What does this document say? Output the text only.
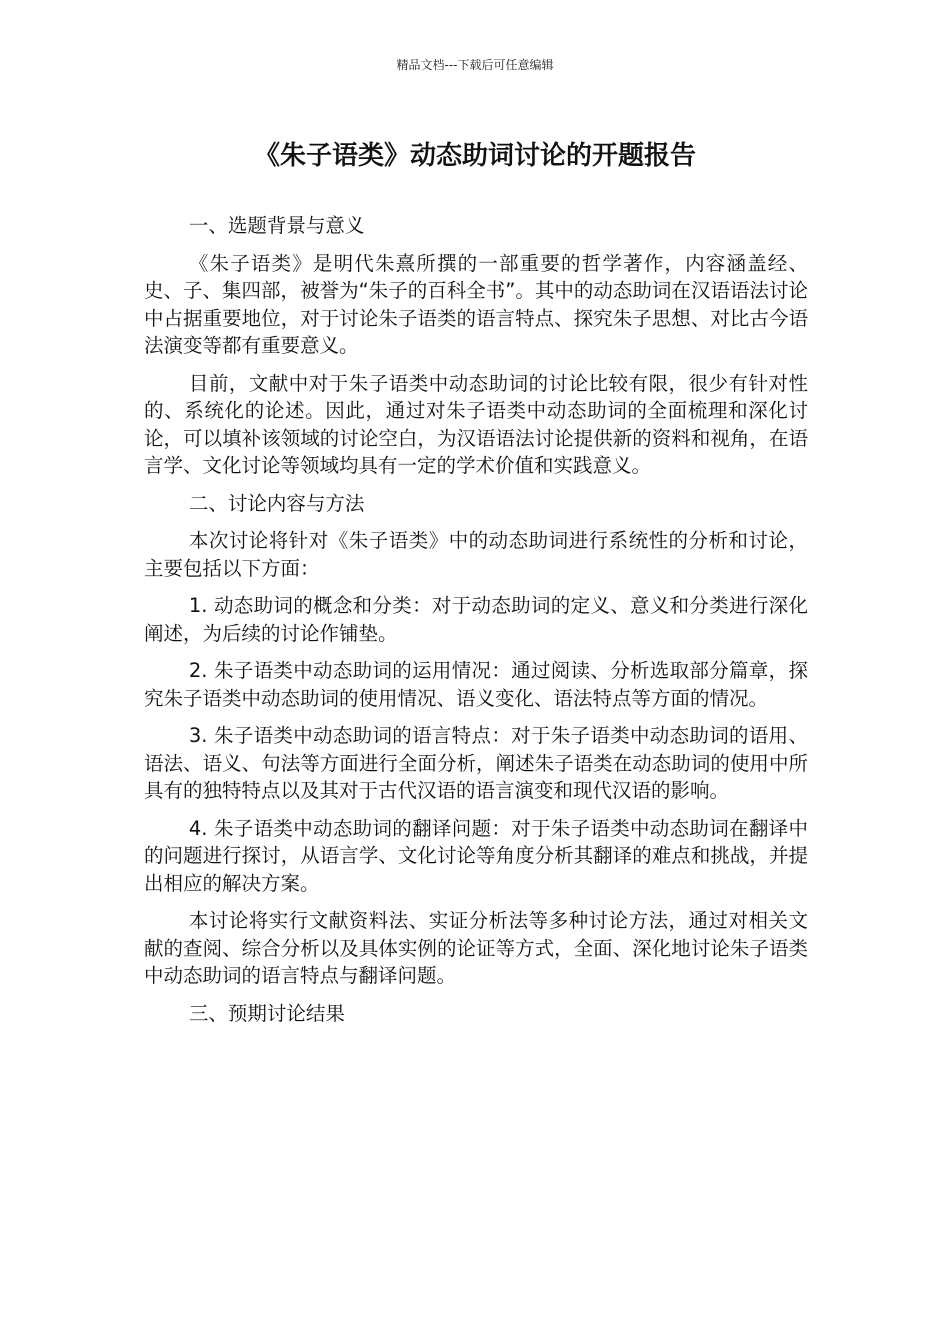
精品文档---下载后可任意编辑
《朱子语类》动态助词讨论的开题报告

一、选题背景与意义

《朱子语类》是明代朱熹所撰的一部重要的哲学著作，内容涵盖经、史、子、集四部，被誉为“朱子的百科全书”。其中的动态助词在汉语语法讨论中占据重要地位，对于讨论朱子语类的语言特点、探究朱子思想、对比古今语法演变等都有重要意义。

目前，文献中对于朱子语类中动态助词的讨论比较有限，很少有针对性的、系统化的论述。因此，通过对朱子语类中动态助词的全面梳理和深化讨论，可以填补该领域的讨论空白，为汉语语法讨论提供新的资料和视角，在语言学、文化讨论等领域均具有一定的学术价值和实践意义。

二、讨论内容与方法

本次讨论将针对《朱子语类》中的动态助词进行系统性的分析和讨论，主要包括以下方面：

1. 动态助词的概念和分类：对于动态助词的定义、意义和分类进行深化阐述，为后续的讨论作铺垫。

2. 朱子语类中动态助词的运用情况：通过阅读、分析选取部分篇章，探究朱子语类中动态助词的使用情况、语义变化、语法特点等方面的情况。

3. 朱子语类中动态助词的语言特点：对于朱子语类中动态助词的语用、语法、语义、句法等方面进行全面分析，阐述朱子语类在动态助词的使用中所具有的独特特点以及其对于古代汉语的语言演变和现代汉语的影响。

4. 朱子语类中动态助词的翻译问题：对于朱子语类中动态助词在翻译中的问题进行探讨，从语言学、文化讨论等角度分析其翻译的难点和挑战，并提出相应的解决方案。

本讨论将实行文献资料法、实证分析法等多种讨论方法，通过对相关文献的查阅、综合分析以及具体实例的论证等方式，全面、深化地讨论朱子语类中动态助词的语言特点与翻译问题。

三、预期讨论结果
